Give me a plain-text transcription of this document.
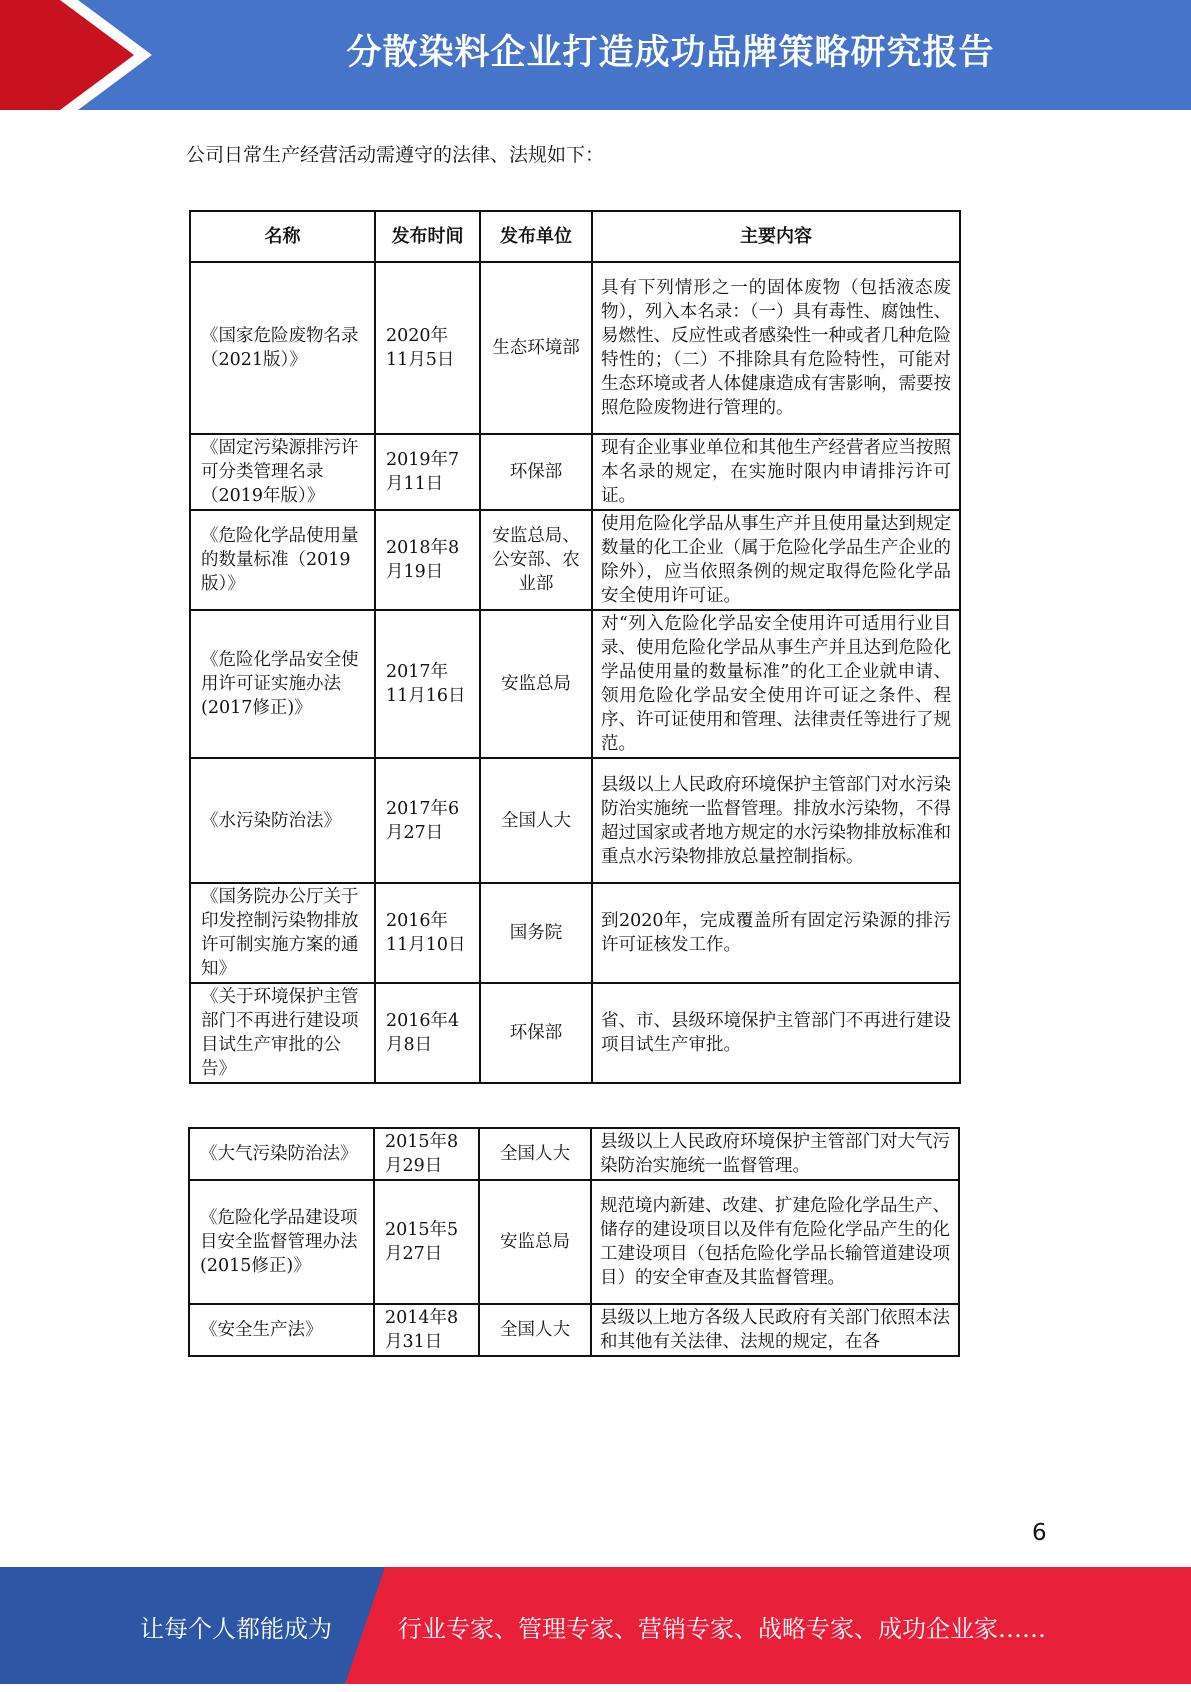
分散染料企业打造成功品牌策略研究报告
公司日常生产经营活动需遵守的法律、法规如下：
名称	发布时间	发布单位	主要内容
《国家危险废物名录（2021版）》	2020年11月5日	生态环境部	具有下列情形之一的固体废物（包括液态废物），列入本名录：（一）具有毒性、腐蚀性、易燃性、反应性或者感染性一种或者几种危险特性的；（二）不排除具有危险特性，可能对生态环境或者人体健康造成有害影响，需要按照危险废物进行管理的。
《固定污染源排污许可分类管理名录（2019年版）》	2019年7月11日	环保部	现有企业事业单位和其他生产经营者应当按照本名录的规定，在实施时限内申请排污许可证。
《危险化学品使用量的数量标准（2019版）》	2018年8月19日	安监总局、公安部、农业部	使用危险化学品从事生产并且使用量达到规定数量的化工企业（属于危险化学品生产企业的除外），应当依照条例的规定取得危险化学品安全使用许可证。
《危险化学品安全使用许可证实施办法(2017修正)》	2017年11月16日	安监总局	对“列入危险化学品安全使用许可适用行业目录、使用危险化学品从事生产并且达到危险化学品使用量的数量标准”的化工企业就申请、领用危险化学品安全使用许可证之条件、程序、许可证使用和管理、法律责任等进行了规范。
《水污染防治法》	2017年6月27日	全国人大	县级以上人民政府环境保护主管部门对水污染防治实施统一监督管理。排放水污染物，不得超过国家或者地方规定的水污染物排放标准和重点水污染物排放总量控制指标。
《国务院办公厅关于印发控制污染物排放许可制实施方案的通知》	2016年11月10日	国务院	到2020年，完成覆盖所有固定污染源的排污许可证核发工作。
《关于环境保护主管部门不再进行建设项目试生产审批的公告》	2016年4月8日	环保部	省、市、县级环境保护主管部门不再进行建设项目试生产审批。
《大气污染防治法》	2015年8月29日	全国人大	县级以上人民政府环境保护主管部门对大气污染防治实施统一监督管理。
《危险化学品建设项目安全监督管理办法(2015修正)》	2015年5月27日	安监总局	规范境内新建、改建、扩建危险化学品生产、储存的建设项目以及伴有危险化学品产生的化工建设项目（包括危险化学品长输管道建设项目）的安全审查及其监督管理。
《安全生产法》	2014年8月31日	全国人大	县级以上地方各级人民政府有关部门依照本法和其他有关法律、法规的规定，在各
6
让每个人都能成为	行业专家、管理专家、营销专家、战略专家、成功企业家……
